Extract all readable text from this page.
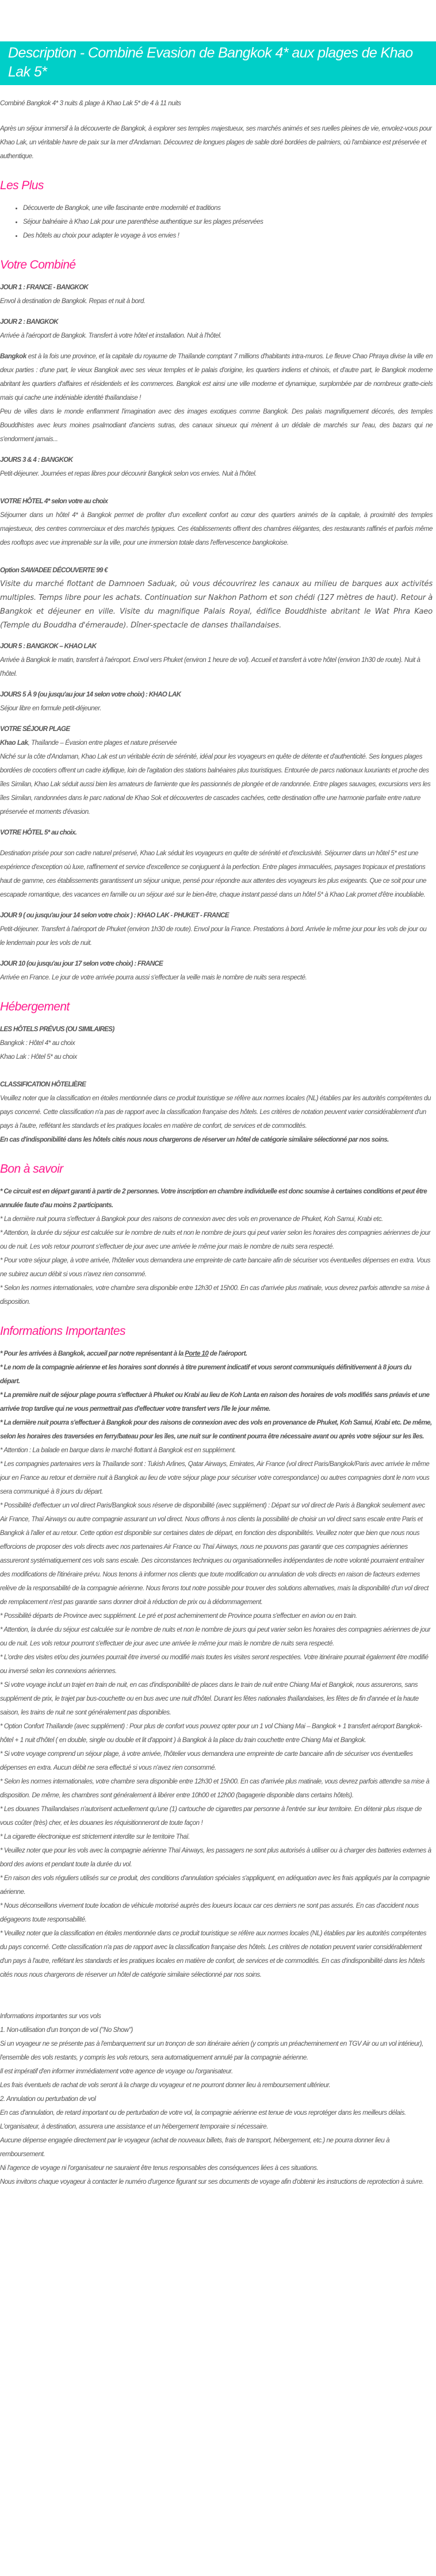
Description - Combiné Evasion de Bangkok 4* aux plages de Khao Lak 5*

Combiné Bangkok 4* 3 nuits & plage à Khao Lak 5* de 4 à 11 nuits

Après un séjour immersif à la découverte de Bangkok, à explorer ses temples majestueux, ses marchés animés et ses ruelles pleines de vie, envolez-vous pour Khao Lak, un véritable havre de paix sur la mer d'Andaman. Découvrez de longues plages de sable doré bordées de palmiers, où l'ambiance est préservée et authentique.

Les Plus
• Découverte de Bangkok, une ville fascinante entre modernité et traditions
• Séjour balnéaire à Khao Lak pour une parenthèse authentique sur les plages préservées
• Des hôtels au choix pour adapter le voyage à vos envies !
Votre Combiné

JOUR 1 : FRANCE - BANGKOK

Envol à destination de Bangkok. Repas et nuit à bord.

JOUR 2 : BANGKOK

Arrivée à l'aéroport de Bangkok. Transfert à votre hôtel et installation. Nuit à l'hôtel.

Bangkok est à la fois une province, et la capitale du royaume de Thaïlande comptant 7 millions d'habitants intra-muros. Le fleuve Chao Phraya divise la ville en deux parties : d'une part, le vieux Bangkok avec ses vieux temples et le palais d'origine, les quartiers indiens et chinois, et d'autre part, le Bangkok moderne abritant les quartiers d'affaires et résidentiels et les commerces. Bangkok est ainsi une ville moderne et dynamique, surplombée par de nombreux gratte-ciels mais qui cache une indéniable identité thaïlandaise !

Peu de villes dans le monde enflamment l'imagination avec des images exotiques comme Bangkok. Des palais magnifiquement décorés, des temples Bouddhistes avec leurs moines psalmodiant d'anciens sutras, des canaux sinueux qui mènent à un dédale de marchés sur l'eau, des bazars qui ne s'endorment jamais...

JOURS 3 & 4 : BANGKOK

Petit-déjeuner. Journées et repas libres pour découvrir Bangkok selon vos envies. Nuit à l'hôtel.

VOTRE HÔTEL 4* selon votre au choix

Séjourner dans un hôtel 4* à Bangkok permet de profiter d'un excellent confort au cœur des quartiers animés de la capitale, à proximité des temples majestueux, des centres commerciaux et des marchés typiques. Ces établissements offrent des chambres élégantes, des restaurants raffinés et parfois même des rooftops avec vue imprenable sur la ville, pour une immersion totale dans l'effervescence bangkokoise.

Option SAWADEE DÉCOUVERTE 99 €

Visite du marché flottant de Damnoen Saduak, où vous découvrirez les canaux au milieu de barques aux activités multiples. Temps libre pour les achats. Continuation sur Nakhon Pathom et son chédi (127 mètres de haut). Retour à Bangkok et déjeuner en ville. Visite du magnifique Palais Royal, édifice Bouddhiste abritant le Wat Phra Kaeo (Temple du Bouddha d'émeraude). Dîner-spectacle de danses thaïlandaises.

JOUR 5 : BANGKOK – KHAO LAK

Arrivée à Bangkok le matin, transfert à l'aéroport. Envol vers Phuket (environ 1 heure de vol). Accueil et transfert à votre hôtel (environ 1h30 de route). Nuit à l'hôtel.

JOURS 5 À 9 (ou jusqu'au jour 14 selon votre choix) : KHAO LAK

Séjour libre en formule petit-déjeuner.

VOTRE SÉJOUR PLAGE

Khao Lak, Thaïlande – Évasion entre plages et nature préservée

Niché sur la côte d'Andaman, Khao Lak est un véritable écrin de sérénité, idéal pour les voyageurs en quête de détente et d'authenticité. Ses longues plages bordées de cocotiers offrent un cadre idyllique, loin de l'agitation des stations balnéaires plus touristiques. Entourée de parcs nationaux luxuriants et proche des îles Similan, Khao Lak séduit aussi bien les amateurs de farniente que les passionnés de plongée et de randonnée. Entre plages sauvages, excursions vers les îles Similan, randonnées dans le parc national de Khao Sok et découvertes de cascades cachées, cette destination offre une harmonie parfaite entre nature préservée et moments d'évasion.

VOTRE HÔTEL 5* au choix.

Destination prisée pour son cadre naturel préservé, Khao Lak séduit les voyageurs en quête de sérénité et d'exclusivité. Séjourner dans un hôtel 5* est une expérience d'exception où luxe, raffinement et service d'excellence se conjuguent à la perfection. Entre plages immaculées, paysages tropicaux et prestations haut de gamme, ces établissements garantissent un séjour unique, pensé pour répondre aux attentes des voyageurs les plus exigeants. Que ce soit pour une escapade romantique, des vacances en famille ou un séjour axé sur le bien-être, chaque instant passé dans un hôtel 5* à Khao Lak promet d'être inoubliable.

JOUR 9 ( ou jusqu'au jour 14 selon votre choix ) : KHAO LAK - PHUKET - FRANCE

Petit-déjeuner. Transfert à l'aéroport de Phuket (environ 1h30 de route). Envol pour la France. Prestations à bord. Arrivée le même jour pour les vols de jour ou le lendemain pour les vols de nuit.

JOUR 10 (ou jusqu'au jour 17 selon votre choix) : FRANCE

Arrivée en France. Le jour de votre arrivée pourra aussi s'effectuer la veille mais le nombre de nuits sera respecté.

Hébergement

LES HÔTELS PRÉVUS (OU SIMILAIRES)

Bangkok : Hôtel 4* au choix

Khao Lak : Hôtel 5* au choix

CLASSIFICATION HÔTELIÈRE

Veuillez noter que la classification en étoiles mentionnée dans ce produit touristique se réfère aux normes locales (NL) établies par les autorités compétentes du pays concerné. Cette classification n'a pas de rapport avec la classification française des hôtels. Les critères de notation peuvent varier considérablement d'un pays à l'autre, reflétant les standards et les pratiques locales en matière de confort, de services et de commodités.

En cas d'indisponibilité dans les hôtels cités nous nous chargerons de réserver un hôtel de catégorie similaire sélectionné par nos soins.

Bon à savoir

* Ce circuit est en départ garanti à partir de 2 personnes. Votre inscription en chambre individuelle est donc soumise à certaines conditions et peut être annulée faute d'au moins 2 participants.

* La dernière nuit pourra s'effectuer à Bangkok pour des raisons de connexion avec des vols en provenance de Phuket, Koh Samui, Krabi etc.

* Attention, la durée du séjour est calculée sur le nombre de nuits et non le nombre de jours qui peut varier selon les horaires des compagnies aériennes de jour ou de nuit. Les vols retour pourront s'effectuer de jour avec une arrivée le même jour mais le nombre de nuits sera respecté.

* Pour votre séjour plage, à votre arrivée, l'hôtelier vous demandera une empreinte de carte bancaire afin de sécuriser vos éventuelles dépenses en extra. Vous ne subirez aucun débit si vous n'avez rien consommé.

* Selon les normes internationales, votre chambre sera disponible entre 12h30 et 15h00. En cas d'arrivée plus matinale, vous devrez parfois attendre sa mise à disposition.

Informations Importantes

* Pour les arrivées à Bangkok, accueil par notre représentant à la Porte 10 de l'aéroport.

* Le nom de la compagnie aérienne et les horaires sont donnés à titre purement indicatif et vous seront communiqués définitivement à 8 jours du départ.

* La première nuit de séjour plage pourra s'effectuer à Phuket ou Krabi au lieu de Koh Lanta en raison des horaires de vols modifiés sans préavis et une arrivée trop tardive qui ne vous permettrait pas d'effectuer votre transfert vers l'île le jour même.

* La dernière nuit pourra s'effectuer à Bangkok pour des raisons de connexion avec des vols en provenance de Phuket, Koh Samui, Krabi etc. De même, selon les horaires des traversées en ferry/bateau pour les îles, une nuit sur le continent pourra être nécessaire avant ou après votre séjour sur les îles.

* Attention : La balade en barque dans le marché flottant à Bangkok est en supplément.

* Les compagnies partenaires vers la Thaïlande sont : Tukish Arlines, Qatar Airways, Emirates, Air France (vol direct Paris/Bangkok/Paris avec arrivée le même jour en France au retour et dernière nuit à Bangkok au lieu de votre séjour plage pour sécuriser votre correspondance) ou autres compagnies dont le nom vous sera communiqué à 8 jours du départ.

* Possibilité d'effectuer un vol direct Paris/Bangkok sous réserve de disponibilité (avec supplément) : Départ sur vol direct de Paris à Bangkok seulement avec Air France, Thaï Airways ou autre compagnie assurant un vol direct. Nous offrons à nos clients la possibilité de choisir un vol direct sans escale entre Paris et Bangkok à l'aller et au retour. Cette option est disponible sur certaines dates de départ, en fonction des disponibilités. Veuillez noter que bien que nous nous efforcions de proposer des vols directs avec nos partenaires Air France ou Thaï Airways, nous ne pouvons pas garantir que ces compagnies aériennes assureront systématiquement ces vols sans escale. Des circonstances techniques ou organisationnelles indépendantes de notre volonté pourraient entraîner des modifications de l'itinéraire prévu. Nous tenons à informer nos clients que toute modification ou annulation de vols directs en raison de facteurs externes relève de la responsabilité de la compagnie aérienne. Nous ferons tout notre possible pour trouver des solutions alternatives, mais la disponibilité d'un vol direct de remplacement n'est pas garantie sans donner droit à réduction de prix ou à dédommagement.

* Possibilité départs de Province avec supplément. Le pré et post acheminement de Province pourra s'effectuer en avion ou en train.

* Attention, la durée du séjour est calculée sur le nombre de nuits et non le nombre de jours qui peut varier selon les horaires des compagnies aériennes de jour ou de nuit. Les vols retour pourront s'effectuer de jour avec une arrivée le même jour mais le nombre de nuits sera respecté.

* L'ordre des visites et/ou des journées pourrait être inversé ou modifié mais toutes les visites seront respectées. Votre itinéraire pourrait également être modifié ou inversé selon les connexions aériennes.

* Si votre voyage inclut un trajet en train de nuit, en cas d'indisponibilité de places dans le train de nuit entre Chiang Mai et Bangkok, nous assurerons, sans supplément de prix, le trajet par bus-couchette ou en bus avec une nuit d'hôtel. Durant les fêtes nationales thaïlandaises, les fêtes de fin d'année et la haute saison, les trains de nuit ne sont généralement pas disponibles.

* Option Confort Thaïlande (avec supplément) : Pour plus de confort vous pouvez opter pour un 1 vol Chiang Mai – Bangkok + 1 transfert aéroport Bangkok- hôtel + 1 nuit d'hôtel ( en double, single ou double et lit d'appoint ) à Bangkok à la place du train couchette entre Chiang Mai et Bangkok.

* Si votre voyage comprend un séjour plage, à votre arrivée, l'hôtelier vous demandera une empreinte de carte bancaire afin de sécuriser vos éventuelles dépenses en extra. Aucun débit ne sera effectué si vous n'avez rien consommé.

* Selon les normes internationales, votre chambre sera disponible entre 12h30 et 15h00. En cas d'arrivée plus matinale, vous devrez parfois attendre sa mise à disposition. De même, les chambres sont généralement à libérer entre 10h00 et 12h00 (bagagerie disponible dans certains hôtels).

* Les douanes Thaïlandaises n'autorisent actuellement qu'une (1) cartouche de cigarettes par personne à l'entrée sur leur territoire. En détenir plus risque de vous coûter (très) cher, et les douanes les réquisitionneront de toute façon !

* La cigarette électronique est strictement interdite sur le territoire Thaï.

* Veuillez noter que pour les vols avec la compagnie aérienne Thaï Airways, les passagers ne sont plus autorisés à utiliser ou à charger des batteries externes à bord des avions et pendant toute la durée du vol.

* En raison des vols réguliers utilisés sur ce produit, des conditions d'annulation spéciales s'appliquent, en adéquation avec les frais appliqués par la compagnie aérienne.

* Nous déconseillons vivement toute location de véhicule motorisé auprès des loueurs locaux car ces derniers ne sont pas assurés. En cas d'accident nous dégageons toute responsabilité.

* Veuillez noter que la classification en étoiles mentionnée dans ce produit touristique se réfère aux normes locales (NL) établies par les autorités compétentes du pays concerné. Cette classification n'a pas de rapport avec la classification française des hôtels. Les critères de notation peuvent varier considérablement d'un pays à l'autre, reflétant les standards et les pratiques locales en matière de confort, de services et de commodités. En cas d'indisponibilité dans les hôtels cités nous nous chargerons de réserver un hôtel de catégorie similaire sélectionné par nos soins.

Informations importantes sur vos vols

1. Non-utilisation d'un tronçon de vol ("No Show")

Si un voyageur ne se présente pas à l'embarquement sur un tronçon de son itinéraire aérien (y compris un préacheminement en TGV Air ou un vol intérieur), l'ensemble des vols restants, y compris les vols retours, sera automatiquement annulé par la compagnie aérienne.

Il est impératif d'en informer immédiatement votre agence de voyage ou l'organisateur.

Les frais éventuels de rachat de vols seront à la charge du voyageur et ne pourront donner lieu à remboursement ultérieur.

2. Annulation ou perturbation de vol

En cas d'annulation, de retard important ou de perturbation de votre vol, la compagnie aérienne est tenue de vous reprotéger dans les meilleurs délais.

L'organisateur, à destination, assurera une assistance et un hébergement temporaire si nécessaire.

Aucune dépense engagée directement par le voyageur (achat de nouveaux billets, frais de transport, hébergement, etc.) ne pourra donner lieu à remboursement.

Ni l'agence de voyage ni l'organisateur ne sauraient être tenus responsables des conséquences liées à ces situations.

Nous invitons chaque voyageur à contacter le numéro d'urgence figurant sur ses documents de voyage afin d'obtenir les instructions de reprotection à suivre.
